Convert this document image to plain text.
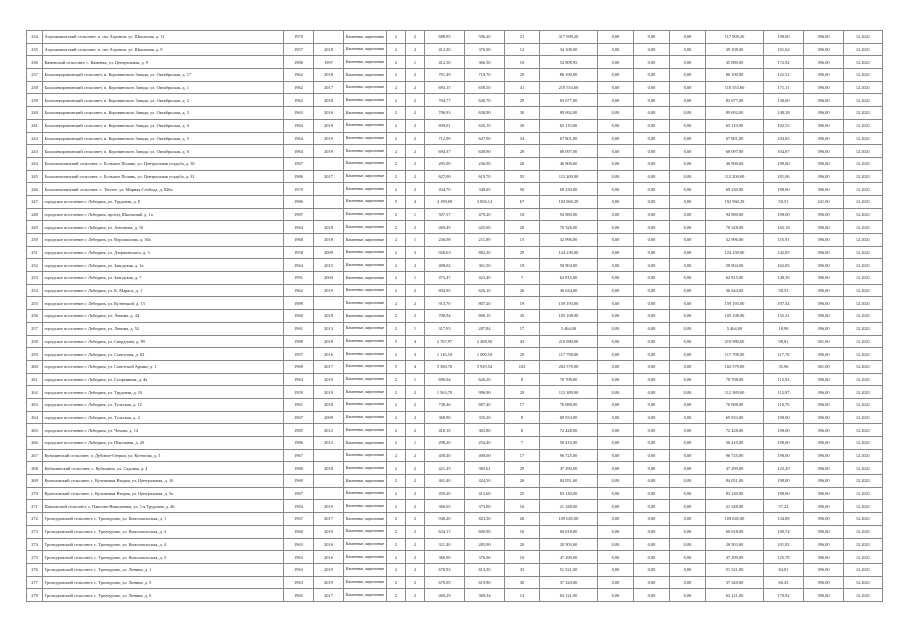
234	Агрохимический сельсовет, п. свх Агроном, ул. Школьная, д. 11	1970		Каменные, кирпичные	2	2	688,95	596,20	21	317 909,20	0,00	0,00	0,00	117 909,20	198,00	396,00	12.2021
235	Агрохимический сельсовет, п. свх Агроном, ул. Школьная, д. 9	1957	2018	Каменные, кирпичные	2	2	412,30	376,00	12	34 108,00	0,00	0,00	0,00	39 108,00	101,62	396,00	12.2021
236	Каменский сельсовет, с. Каменка, ул. Центральная, д. 9	1980	1997	Каменные, кирпичные	2	1	412,50	366,50	10	54 808,95	0,00	0,00	0,00	35 080,00	172,92	396,00	12.2021
237	Большекоровинский сельсовет, п. Коровинского Завода, ул. Октябрьская, д. 17	1962	2018	Каменные, кирпичные	2	2	791,49	719,70	29	86 190,90	0,00	0,00	0,00	86 190,90	122,52	396,00	12.2021
238	Большекоровинский сельсовет, п. Коровинского Завода, ул. Октябрьская, д. 1	1962	2017	Каменные, кирпичные	2	2	693,15	658,50	41	210 553,60	0,00	0,00	0,00	110 553,60	171,11	396,00	12.2021
239	Большекоровинский сельсовет, п. Коровинского Завода, ул. Октябрьская, д. 2	1962	2018	Каменные, кирпичные	2	2	704,77	640,70	29	83 677,00	0,00	0,00	0,00	83 677,00	130,60	396,00	12.2021
240	Большекоровинский сельсовет, п. Коровинского Завода, ул. Октябрьская, д. 3	1963	2016	Каменные, кирпичные	2	2	706,93	638,90	30	89 692,00	0,00	0,00	0,00	89 692,00	140,38	396,00	12.2021
241	Большекоровинский сельсовет, п. Коровинского Завода, ул. Октябрьская, д. 4	1964	2019	Каменные, кирпичные	2	2	699,01	635,10	30	65 119,00	0,00	0,00	0,00	65 119,00	102,53	396,00	12.2021
242	Большекоровинский сельсовет, п. Коровинского Завода, ул. Октябрьская, д. 5	1964	2019	Каменные, кирпичные	2	2	712,99	647,90	34	67 801,00	0,00	0,00	0,00	67 801,00	104,65	396,00	12.2021
243	Большекоровинский сельсовет, п. Коровинского Завода, ул. Октябрьская, д. 6	1964	2019	Каменные, кирпичные	2	2	694,37	648,90	28	68 097,00	0,00	0,00	0,00	68 097,00	104,87	396,00	12.2021
244	Большеполянский сельсовет, с. Большое Полянь, ул. Центральная усадьба, д. 30	1967		Каменные, кирпичные	2	2	295,00	236,90	26	46 906,60	0,00	0,00	0,00	46 906,60	198,00	396,00	12.2021
245	Большеполянский сельсовет, с. Большое Полянь, ул. Центральная усадьба, д. 31	1986	2017	Каменные, кирпичные	2	2	627,00	619,70	55	112 200,00	0,00	0,00	0,00	112 200,00	181,06	396,00	12.2021
246	Большеполянский сельсовет, с. Теплое, ул. Мирная Слобода, д. 826а	1970		Каменные, кирпичные	2	2	434,70	349,65	50	69 230,00	0,00	0,00	0,00	69 230,00	198,00	396,00	12.2021
247	городское поселение г. Лебедянь, ул. Трудовая, д. 8	1986		Каменные, кирпичные	5	4	4 199,69	3 856,14	67	192 960,29	0,00	0,00	0,00	192 960,29	50,51	241,00	12.2021
248	городское поселение г. Лебедянь, проезд Школьный, д. 1а	1987		Каменные, кирпичные	2	1	507,57	479,20	18	94 980,00	0,00	0,00	0,00	94 980,00	198,00	396,00	12.2021
249	городское поселение г. Лебедянь, ул. Антонова, д. 16	1964	2018	Каменные, кирпичные	2	2	469,49	425,60	20	70 328,00	0,00	0,00	0,00	70 328,00	165,18	396,00	12.2021
250	городское поселение г. Лебедянь, ул. Ворошилова, д. 30а	1968	2018	Каменные, кирпичные	2	1	236,98	211,89	15	32 996,00	0,00	0,00	0,00	32 996,00	155,91	396,00	12.2021
251	городское поселение г. Лебедянь, ул. Дзержинского, д. 3	1958	2009	Каменные, кирпичные	2	3	926,63	882,20	29	124 230,00	0,00	0,00	0,00	124 230,00	142,85	396,00	12.2021
252	городское поселение г. Лебедянь, ул. Заводская, д. 1а	1964	2015	Каменные, кирпичные	2	2	408,02	361,50	18	58 904,00	0,00	0,00	0,00	58 904,00	162,85	396,00	12.2021
253	городское поселение г. Лебедянь, ул. Заводская, д. 7	1991	2004	Каменные, кирпичные	2	1	473,47	423,40	7	62 815,00	0,00	0,00	0,00	62 815,00	148,39	396,00	12.2021
254	городское поселение г. Лебедянь, ул. К. Маркса, д. 1	1962	2019	Каменные, кирпичные	2	2	694,95	626,10	26	36 644,00	0,00	0,00	0,00	36 644,00	58,53	396,00	12.2021
255	городское поселение г. Лебедянь, ул. Кузнецкой, д. 13	1989		Каменные, кирпичные	2	2	913,70	807,20	19	159 193,00	0,00	0,00	0,00	159 193,00	197,34	396,00	12.2021
256	городское поселение г. Лебедянь, ул. Ленина, д. 44	1960	2018	Каменные, кирпичные	2	2	708,94	690,10	30	105 108,00	0,00	0,00	0,00	105 108,00	152,31	396,00	12.2021
257	городское поселение г. Лебедянь, ул. Ленина, д. 52	1961	2013	Каменные, кирпичные	2	1	317,95	287,84	17	5 464,00	0,00	0,00	0,00	5 464,00	18,98	396,00	12.2021
258	городское поселение г. Лебедянь, ул. Свердлова, д. 89	1988	2018	Каменные, кирпичные	5	4	2 767,97	2 498,50	43	210 980,00	0,00	0,00	0,00	210 980,00	98,81	301,00	12.2021
259	городское поселение г. Лебедянь, ул. Советская, д. 82	1957	2016	Каменные, кирпичные	2	3	1 116,10	1 000,10	29	117 798,00	0,00	0,00	0,00	117 798,00	117,78	396,00	12.2021
260	городское поселение г. Лебедянь, ул. Советской Армии, д. 1	1969	2017	Каменные, кирпичные	5	4	5 360,70	5 929,54	163	202 579,00	0,00	0,00	0,00	102 579,00	35,96	301,00	12.2021
261	городское поселение г. Лебедянь, ул. Спортивная, д. 4а	1963	2019	Каменные, кирпичные	2	1	696,04	626,20	8	70 708,00	0,00	0,00	0,00	70 708,00	112,93	396,00	12.2021
262	городское поселение г. Лебедянь, ул. Трудовая, д. 10	1959	2019	Каменные, кирпичные	2	2	1 563,70	996,90	29	112 389,00	0,00	0,00	0,00	112 389,00	112,97	396,00	12.2021
263	городское поселение г. Лебедянь, ул. Тульская, д. 12	1961	2018	Каменные, кирпичные	2	2	738,46	687,40	17	76 088,00	0,00	0,00	0,00	76 088,00	110,70	396,00	12.2021
264	городское поселение г. Лебедянь, ул. Тульская, д. 4	1967	2009	Каменные, кирпичные	2	2	368,90	335,20	8	69 933,00	0,00	0,00	0,00	69 933,00	198,00	396,00	12.2021
265	городское поселение г. Лебедянь, ул. Чехова, д. 14	1985	2012	Каменные, кирпичные	2	2	418,10	363,80	8	72 428,00	0,00	0,00	0,00	72 428,00	198,00	396,00	12.2021
266	городское поселение г. Лебедянь, ул. Школьная, д. 2б	1986	2012	Каменные, кирпичные	2	1	298,20	254,40	7	50 410,00	0,00	0,00	0,00	50 410,00	198,00	396,00	12.2021
267	Кузьминский сельсовет, п. Дубовое-Озерки, ул. Кутепова, д. 5	1967		Каменные, кирпичные	2	2	458,40	408,00	17	96 725,00	0,00	0,00	0,00	96 725,00	198,00	396,00	12.2021
268	Кубашинский сельсовет, с. Кубашино, ул. Садовая, д. 4	1980	2018	Каменные, кирпичные	2	2	421,45	383,61	29	47 290,00	0,00	0,00	0,00	47 290,00	123,29	396,00	12.2021
269	Кулешовский сельсовет, с. Кулешовка Вторая, ул. Центральная, д. 1б	1969		Каменные, кирпичные	2	2	461,40	424,50	26	84 051,00	0,00	0,00	0,00	84 051,00	198,00	396,00	12.2021
270	Кулешовский сельсовет, с. Кулешовка Вторая, ул. Центральная, д. 5а	1967		Каменные, кирпичные	2	2	459,40	413,60	25	83 140,00	0,00	0,00	0,00	83 140,00	198,00	396,00	12.2021
271	Павловский сельсовет, с. Павлово-Николаевка, ул. 1-я Трудовая, д. 46	1984	2019	Каменные, кирпичные	2	2	366,05	373,00	16	21 348,00	0,00	0,00	0,00	21 348,00	57,22	396,00	12.2021
272	Троекуровский сельсовет, с. Троекурово, ул. Комсомольская, д. 1	1967	2017	Каменные, кирпичные	2	2	948,20	823,50	26	109 045,00	0,00	0,00	0,00	109 045,00	134,88	396,00	12.2021
273	Троекуровский сельсовет, с. Троекурово, ул. Комсомольская, д. 3	1960	2019	Каменные, кирпичные	2	2	634,17	600,90	16	60 618,00	0,00	0,00	0,00	60 618,00	100,74	396,00	12.2021
274	Троекуровский сельсовет, с. Троекурово, ул. Комсомольская, д. 4	1963	2016	Каменные, кирпичные	2	2	321,40	285,90	20	20 503,00	0,00	0,00	0,00	20 503,00	101,82	396,00	12.2021
275	Троекуровский сельсовет, с. Троекурово, ул. Комсомольская, д. 5	1963	2016	Каменные, кирпичные	2	2	366,90	376,06	16	47 299,00	0,00	0,00	0,00	47 299,00	125,78	396,00	12.2021
276	Троекуровский сельсовет, с. Троекурово, ул. Ленина, д. 1	1963	2019	Каменные, кирпичные	2	2	678,93	613,30	33	51 521,00	0,00	0,00	0,00	51 521,00	84,01	396,00	12.2021
277	Троекуровский сельсовет, с. Троекурово, ул. Ленина, д. 5	1963	2019	Каменные, кирпичные	2	2	679,05	619,80	30	37 320,00	0,00	0,00	0,00	37 320,00	60,43	396,00	12.2021
278	Троекуровский сельсовет, с. Троекурово, ул. Ленина, д. 6	1965	2017	Каменные, кирпичные	2	2	460,29	369,34	14	63 121,00	0,00	0,00	0,00	63 121,00	170,92	396,00	12.2021
